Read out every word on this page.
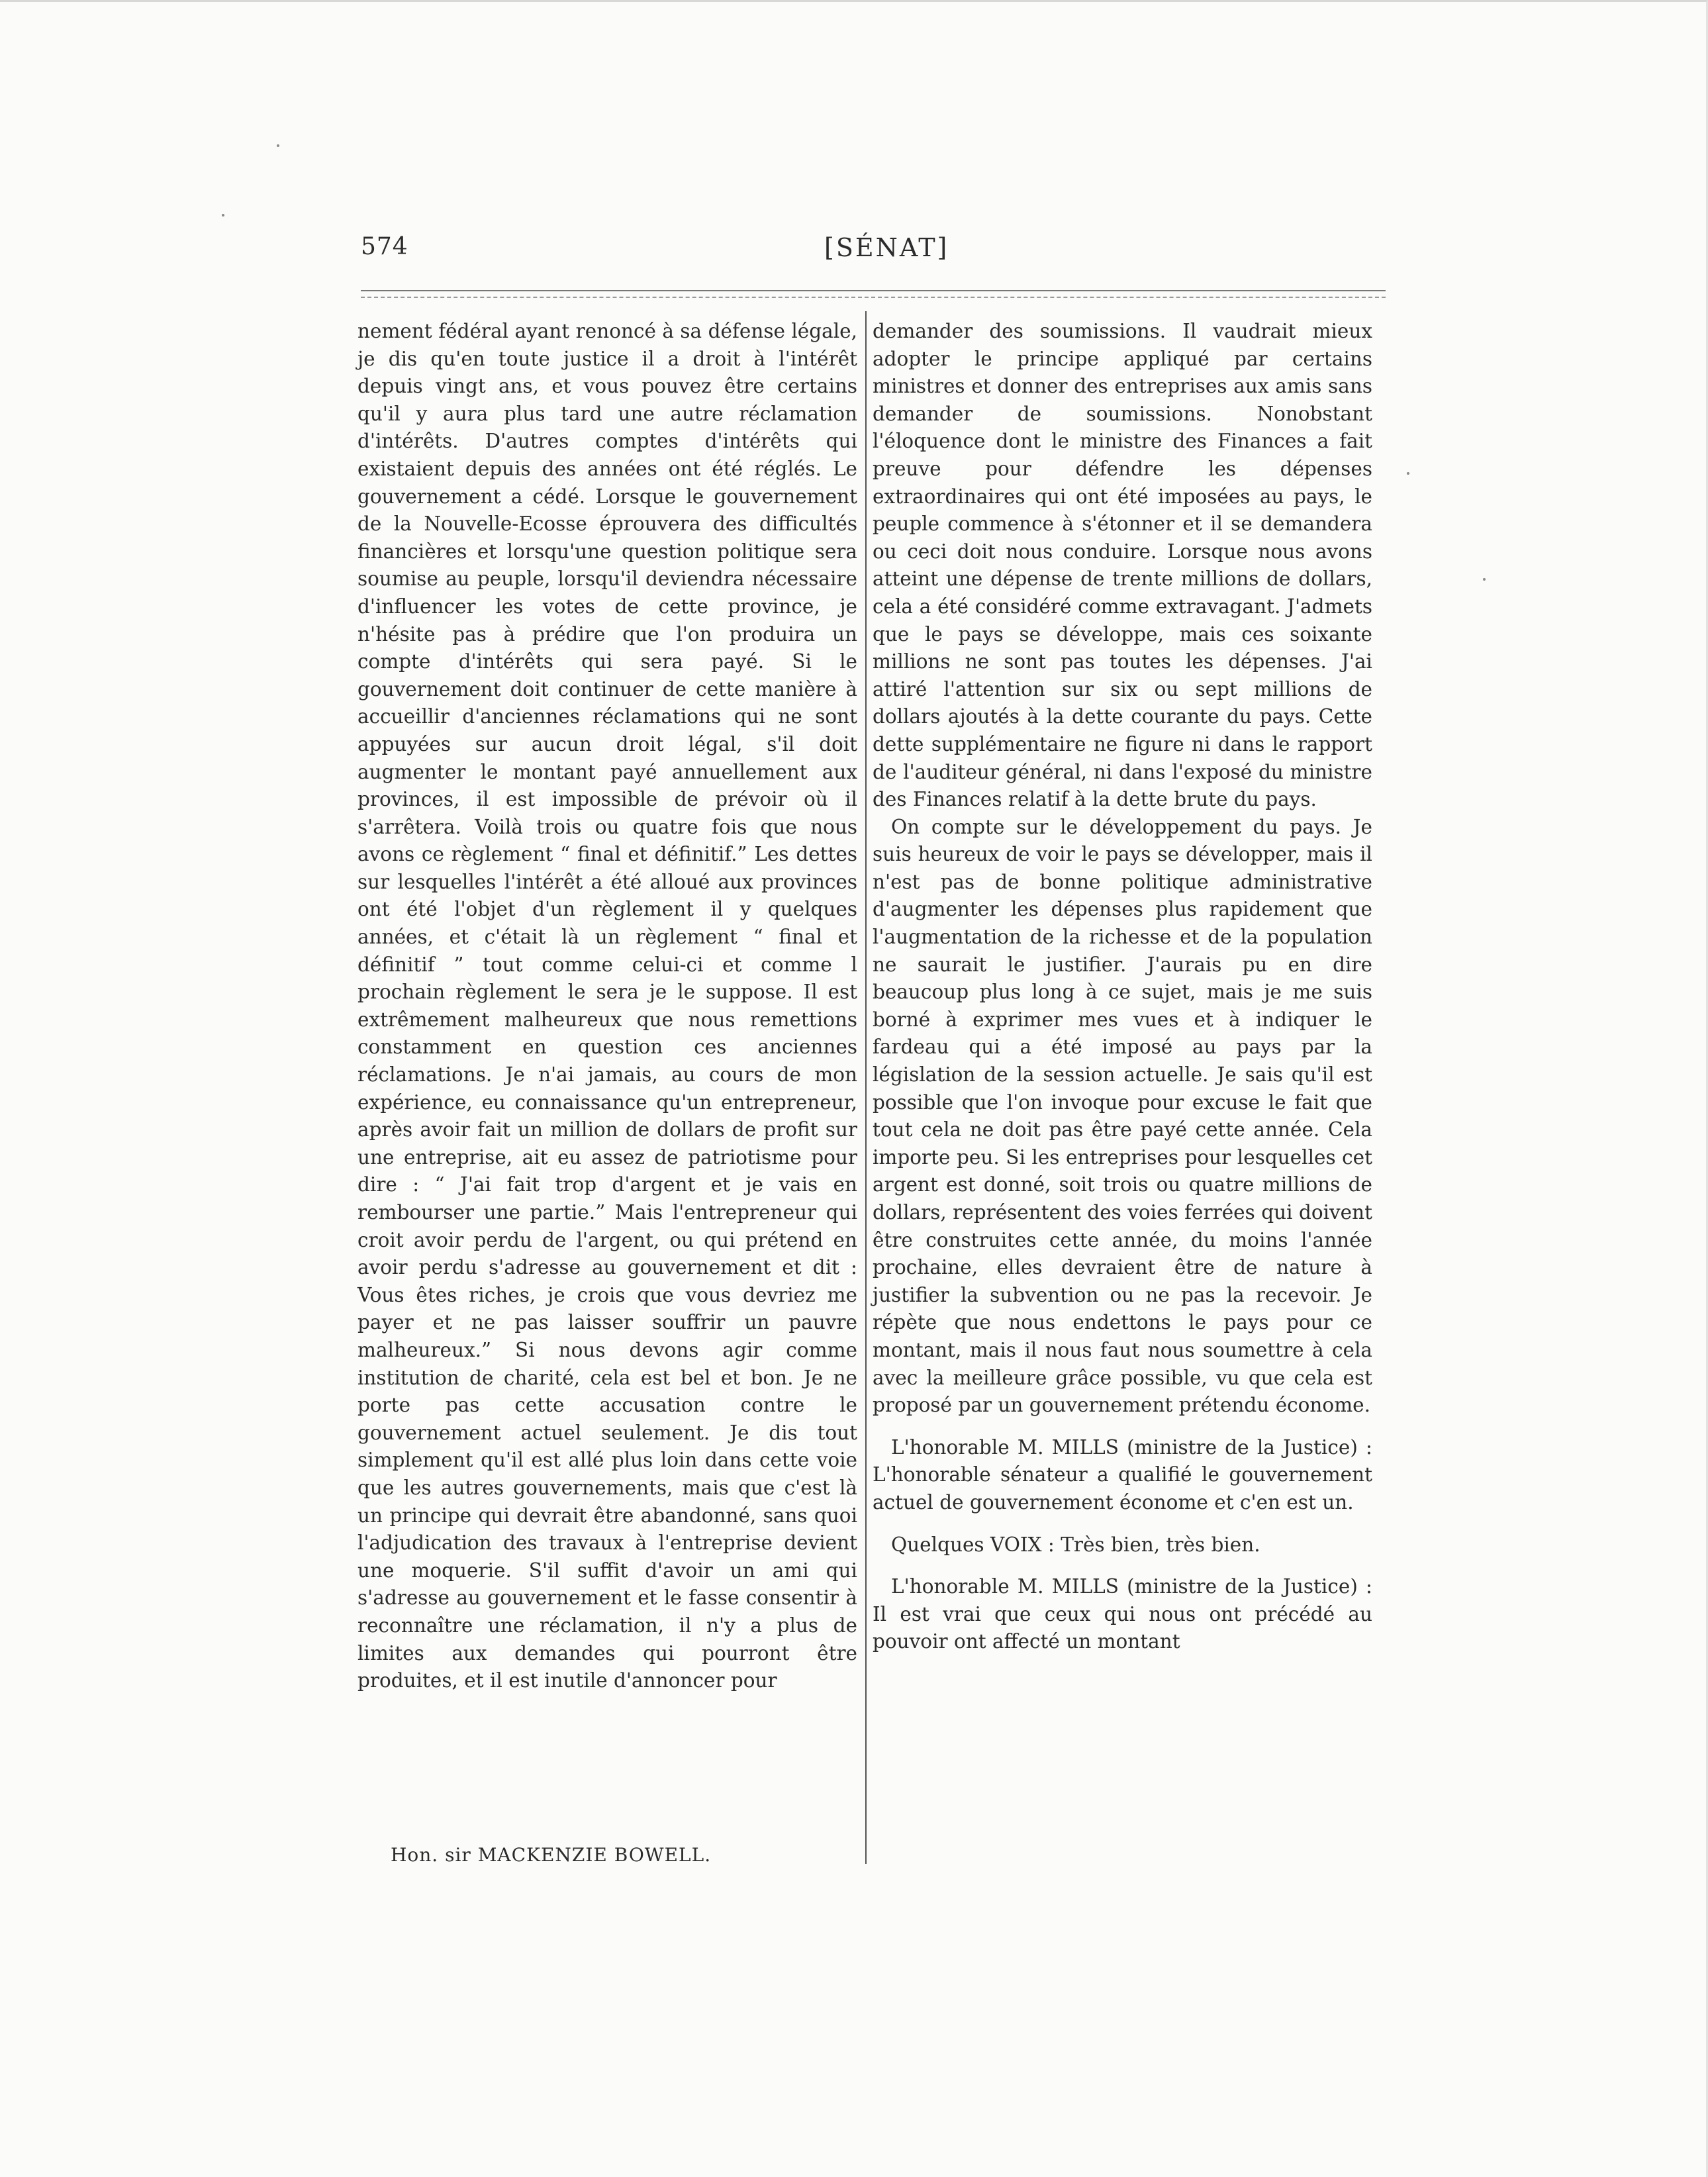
574	[SÉNAT]

nement fédéral ayant renoncé à sa défense légale, je dis qu'en toute justice il a droit à l'intérêt depuis vingt ans, et vous pouvez être certains qu'il y aura plus tard une autre réclamation d'intérêts. D'autres comptes d'intérêts qui existaient depuis des années ont été réglés. Le gouvernement a cédé. Lorsque le gouvernement de la Nouvelle-Ecosse éprouvera des difficultés financières et lorsqu'une question politique sera soumise au peuple, lorsqu'il deviendra nécessaire d'influencer les votes de cette province, je n'hésite pas à prédire que l'on produira un compte d'intérêts qui sera payé. Si le gouvernement doit continuer de cette manière à accueillir d'anciennes réclamations qui ne sont appuyées sur aucun droit légal, s'il doit augmenter le montant payé annuellement aux provinces, il est impossible de prévoir où il s'arrêtera. Voilà trois ou quatre fois que nous avons ce règlement “ final et définitif.” Les dettes sur lesquelles l'intérêt a été alloué aux provinces ont été l'objet d'un règlement il y quelques années, et c'était là un règlement “ final et définitif ” tout comme celui-ci et comme l prochain règlement le sera je le suppose. Il est extrêmement malheureux que nous remettions constamment en question ces anciennes réclamations. Je n'ai jamais, au cours de mon expérience, eu connaissance qu'un entrepreneur, après avoir fait un million de dollars de profit sur une entreprise, ait eu assez de patriotisme pour dire : “ J'ai fait trop d'argent et je vais en rembourser une partie.” Mais l'entrepreneur qui croit avoir perdu de l'argent, ou qui prétend en avoir perdu s'adresse au gouvernement et dit : Vous êtes riches, je crois que vous devriez me payer et ne pas laisser souffrir un pauvre malheureux.” Si nous devons agir comme institution de charité, cela est bel et bon. Je ne porte pas cette accusation contre le gouvernement actuel seulement. Je dis tout simplement qu'il est allé plus loin dans cette voie que les autres gouvernements, mais que c'est là un principe qui devrait être abandonné, sans quoi l'adjudication des travaux à l'entreprise devient une moquerie. S'il suffit d'avoir un ami qui s'adresse au gouvernement et le fasse consentir à reconnaître une réclamation, il n'y a plus de limites aux demandes qui pourront être produites, et il est inutile d'annoncer pour

demander des soumissions. Il vaudrait mieux adopter le principe appliqué par certains ministres et donner des entreprises aux amis sans demander de soumissions. Nonobstant l'éloquence dont le ministre des Finances a fait preuve pour défendre les dépenses extraordinaires qui ont été imposées au pays, le peuple commence à s'étonner et il se demandera ou ceci doit nous conduire. Lorsque nous avons atteint une dépense de trente millions de dollars, cela a été considéré comme extravagant. J'admets que le pays se développe, mais ces soixante millions ne sont pas toutes les dépenses. J'ai attiré l'attention sur six ou sept millions de dollars ajoutés à la dette courante du pays. Cette dette supplémentaire ne figure ni dans le rapport de l'auditeur général, ni dans l'exposé du ministre des Finances relatif à la dette brute du pays.

On compte sur le développement du pays. Je suis heureux de voir le pays se développer, mais il n'est pas de bonne politique administrative d'augmenter les dépenses plus rapidement que l'augmentation de la richesse et de la population ne saurait le justifier. J'aurais pu en dire beaucoup plus long à ce sujet, mais je me suis borné à exprimer mes vues et à indiquer le fardeau qui a été imposé au pays par la législation de la session actuelle. Je sais qu'il est possible que l'on invoque pour excuse le fait que tout cela ne doit pas être payé cette année. Cela importe peu. Si les entreprises pour lesquelles cet argent est donné, soit trois ou quatre millions de dollars, représentent des voies ferrées qui doivent être construites cette année, du moins l'année prochaine, elles devraient être de nature à justifier la subvention ou ne pas la recevoir. Je répète que nous endettons le pays pour ce montant, mais il nous faut nous soumettre à cela avec la meilleure grâce possible, vu que cela est proposé par un gouvernement prétendu économe.

L'honorable M. MILLS (ministre de la Justice) : L'honorable sénateur a qualifié le gouvernement actuel de gouvernement économe et c'en est un.

Quelques VOIX : Très bien, très bien.

L'honorable M. MILLS (ministre de la Justice) : Il est vrai que ceux qui nous ont précédé au pouvoir ont affecté un montant

Hon. sir MACKENZIE BOWELL.
